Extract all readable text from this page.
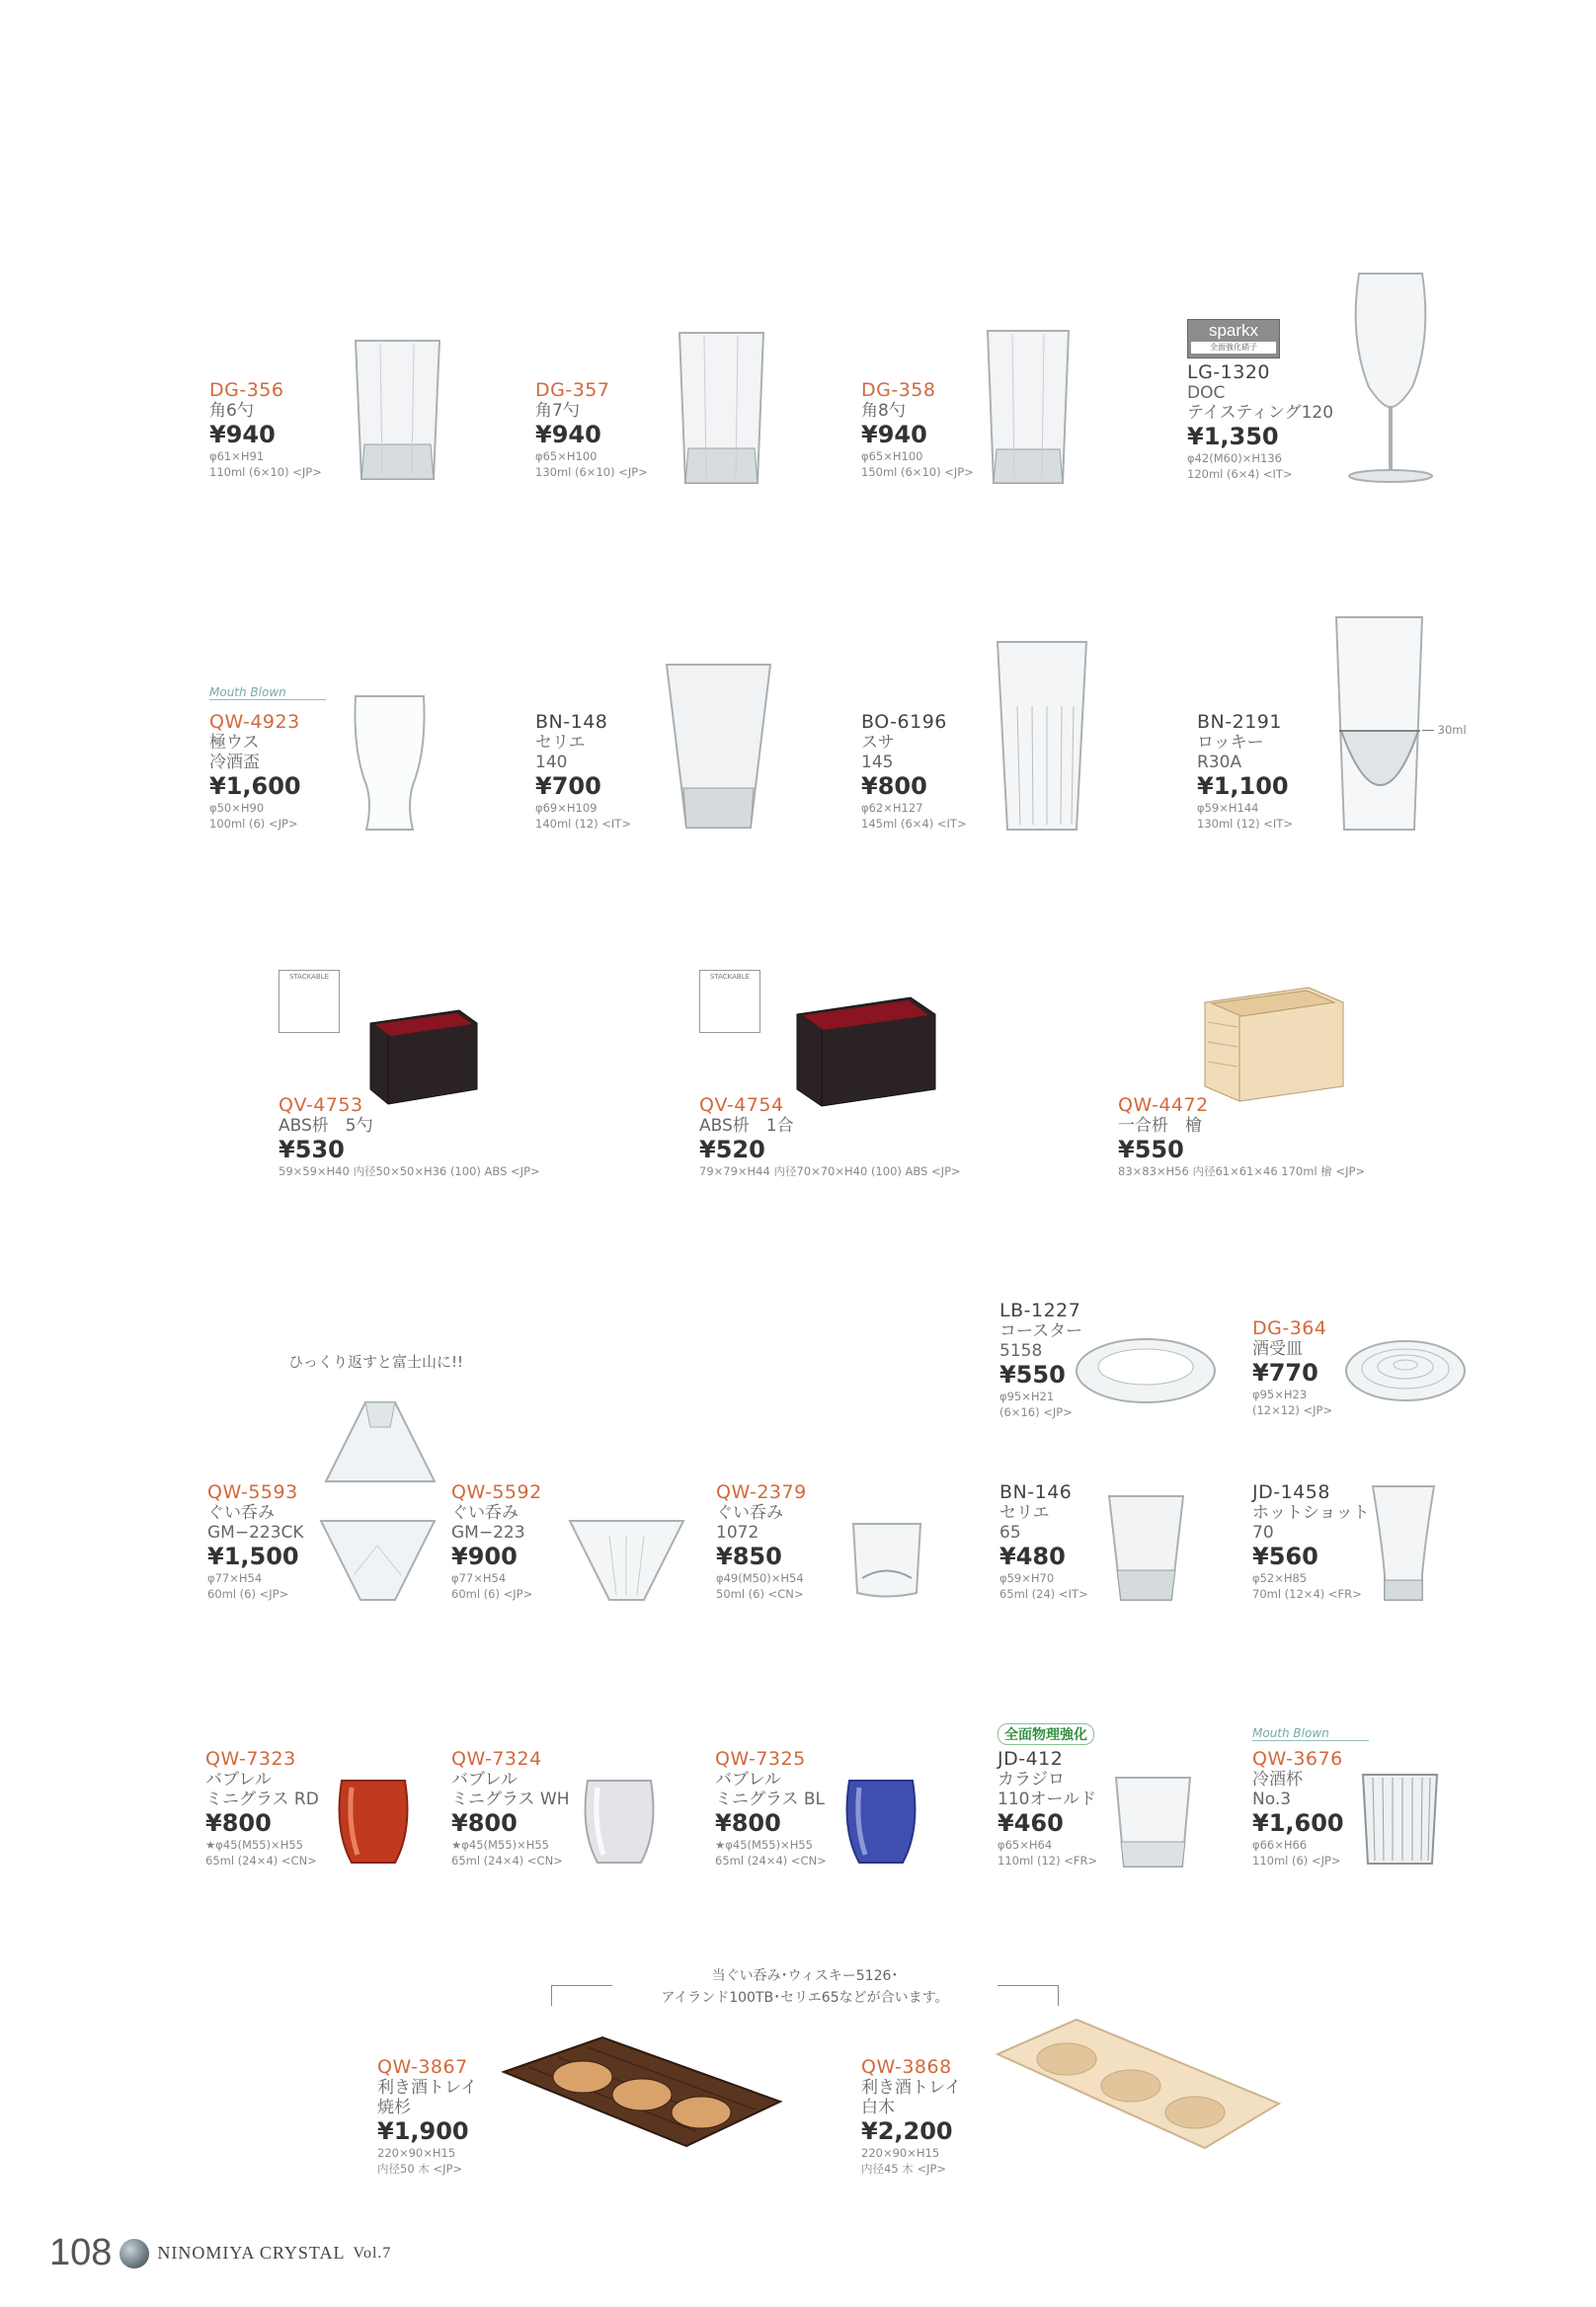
DG-356
角6勺
¥940
φ61×H91
110ml (6×10) <JP>
DG-357
角7勺
¥940
φ65×H100
130ml (6×10) <JP>
DG-358
角8勺
¥940
φ65×H100
150ml (6×10) <JP>
sparkx
全面強化硝子
LG-1320
DOC
テイスティング120
¥1,350
φ42(M60)×H136
120ml (6×4) <IT>
Mouth Blown
QW-4923
極ウス
冷酒盃
¥1,600
φ50×H90
100ml (6) <JP>
BN-148
セリエ
140
¥700
φ69×H109
140ml (12) <IT>
BO-6196
スサ
145
¥800
φ62×H127
145ml (6×4) <IT>
BN-2191
ロッキー
R30A
¥1,100
φ59×H144
130ml (12) <IT>
30ml
STACKABLE
QV-4753
ABS枡　5勺
¥530
59×59×H40 内径50×50×H36 (100) ABS <JP>
STACKABLE
QV-4754
ABS枡　1合
¥520
79×79×H44 内径70×70×H40 (100) ABS <JP>
QW-4472
一合枡　檜
¥550
83×83×H56 内径61×61×46 170ml 檜 <JP>
LB-1227
コースター
5158
¥550
φ95×H21
(6×16) <JP>
DG-364
酒受皿
¥770
φ95×H23
(12×12) <JP>
ひっくり返すと富士山に!!
QW-5593
ぐい呑み
GM−223CK
¥1,500
φ77×H54
60ml (6) <JP>
QW-5592
ぐい呑み
GM−223
¥900
φ77×H54
60ml (6) <JP>
QW-2379
ぐい呑み
1072
¥850
φ49(M50)×H54
50ml (6) <CN>
BN-146
セリエ
65
¥480
φ59×H70
65ml (24) <IT>
JD-1458
ホットショット
70
¥560
φ52×H85
70ml (12×4) <FR>
全面物理強化	Mouth Blown
QW-7323
バブレル
ミニグラス RD
¥800
★φ45(M55)×H55
65ml (24×4) <CN>
QW-7324
バブレル
ミニグラス WH
¥800
★φ45(M55)×H55
65ml (24×4) <CN>
QW-7325
バブレル
ミニグラス BL
¥800
★φ45(M55)×H55
65ml (24×4) <CN>
JD-412
カラジロ
110オールド
¥460
φ65×H64
110ml (12) <FR>
QW-3676
冷酒杯
No.3
¥1,600
φ66×H66
110ml (6) <JP>
当ぐい呑み･ウィスキー5126･
アイランド100TB･セリエ65などが合います。
QW-3867
利き酒トレイ
焼杉
¥1,900
220×90×H15
内径50 木 <JP>
QW-3868
利き酒トレイ
白木
¥2,200
220×90×H15
内径45 木 <JP>
108	NINOMIYA CRYSTAL Vol.7
